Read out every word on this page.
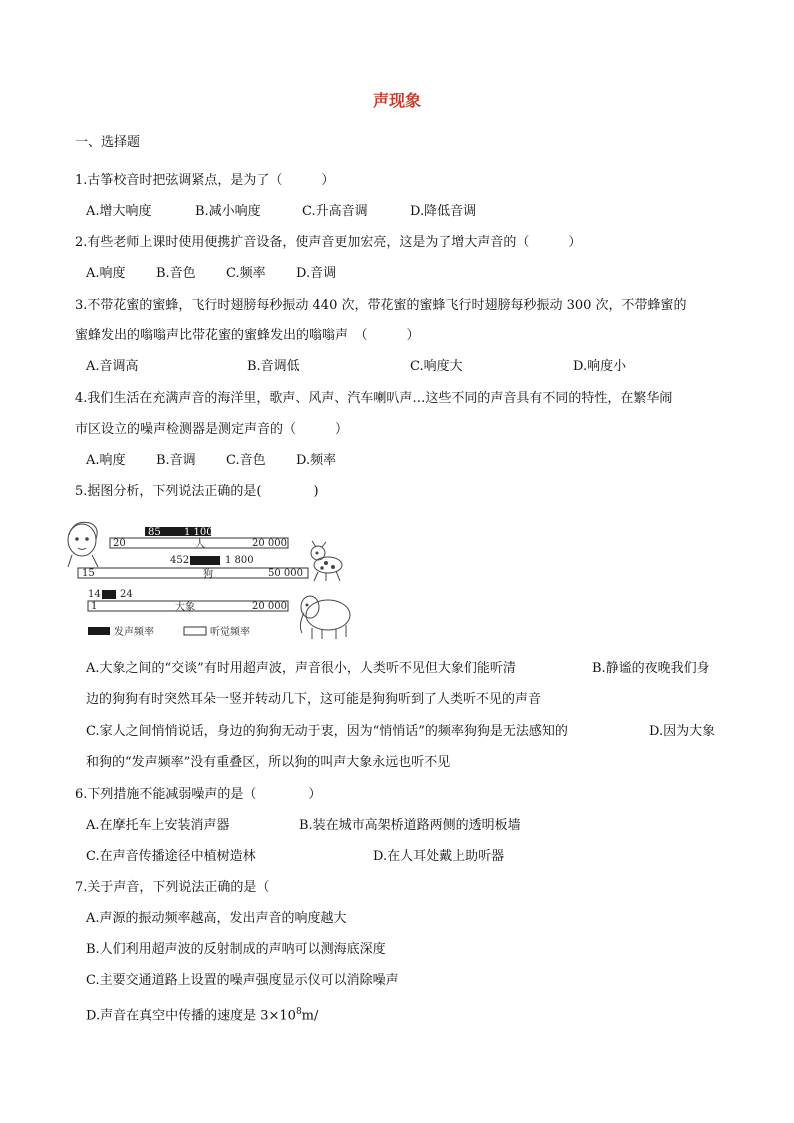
声现象
一、选择题
1.古筝校音时把弦调紧点，是为了（　　　）
A.增大响度	B.减小响度	C.升高音调	D.降低音调
2.有些老师上课时使用便携扩音设备，使声音更加宏亮，这是为了增大声音的（　　　）
A.响度 B.音色 C.频率 D.音调
3.不带花蜜的蜜蜂，飞行时翅膀每秒振动 440 次，带花蜜的蜜蜂飞行时翅膀每秒振动 300 次，不带蜂蜜的
蜜蜂发出的嗡嗡声比带花蜜的蜜蜂发出的嗡嗡声　（　　　）
A.音调高	B.音调低	C.响度大	D.响度小
4.我们生活在充满声音的海洋里，歌声、风声、汽车喇叭声…这些不同的声音具有不同的特性，在繁华闹
市区设立的噪声检测器是测定声音的（　　　）
A.响度 B.音调 C.音色 D.频率
5.据图分析，下列说法正确的是(　　　　)
85 1 100
20	人	20 000
452	1 800
15	狗	50 000
14 24
1	大象	20 000
发声频率	听觉频率
A.大象之间的“交谈”有时用超声波，声音很小，人类听不见但大象们能听清	B.静谧的夜晚我们身
边的狗狗有时突然耳朵一竖并转动几下，这可能是狗狗听到了人类听不见的声音
C.家人之间悄悄说话，身边的狗狗无动于衷，因为“悄悄话”的频率狗狗是无法感知的	D.因为大象
和狗的“发声频率”没有重叠区，所以狗的叫声大象永远也听不见
6.下列措施不能减弱噪声的是（　　　　）
A.在摩托车上安装消声器	B.装在城市高架桥道路两侧的透明板墙
C.在声音传播途径中植树造林	D.在人耳处戴上助听器
7.关于声音，下列说法正确的是（
A.声源的振动频率越高，发出声音的响度越大
B.人们利用超声波的反射制成的声呐可以测海底深度
C.主要交通道路上设置的噪声强度显示仪可以消除噪声
D.声音在真空中传播的速度是 $3\times 10^8m/$
